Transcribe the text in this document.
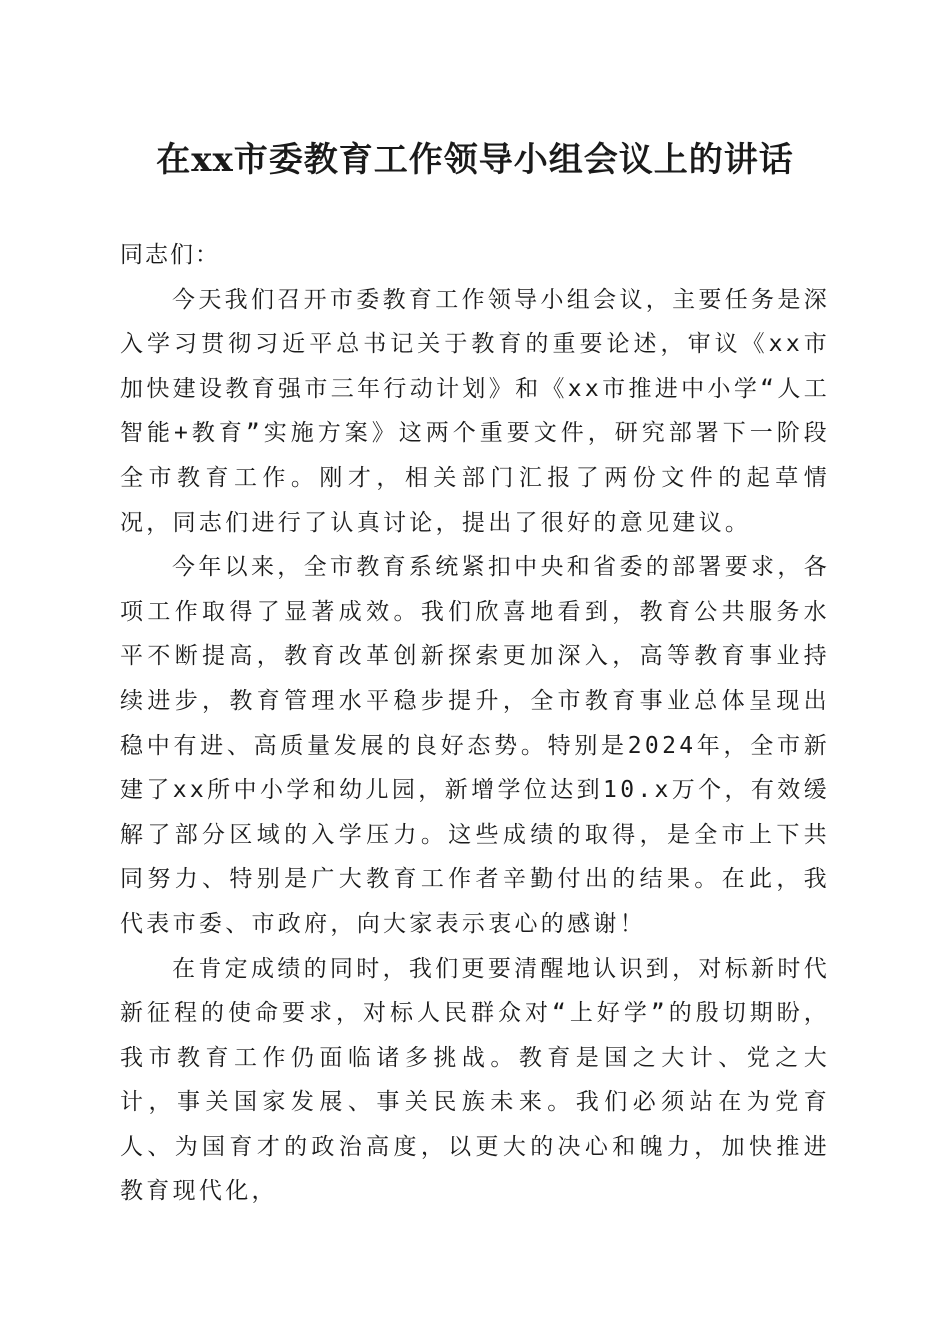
在xx市委教育工作领导小组会议上的讲话

同志们：

今天我们召开市委教育工作领导小组会议，主要任务是深入学习贯彻习近平总书记关于教育的重要论述，审议《xx市加快建设教育强市三年行动计划》和《xx市推进中小学“人工智能+教育”实施方案》这两个重要文件，研究部署下一阶段全市教育工作。刚才，相关部门汇报了两份文件的起草情况，同志们进行了认真讨论，提出了很好的意见建议。

今年以来，全市教育系统紧扣中央和省委的部署要求，各项工作取得了显著成效。我们欣喜地看到，教育公共服务水平不断提高，教育改革创新探索更加深入，高等教育事业持续进步，教育管理水平稳步提升，全市教育事业总体呈现出稳中有进、高质量发展的良好态势。特别是2024年，全市新建了xx所中小学和幼儿园，新增学位达到10.x万个，有效缓解了部分区域的入学压力。这些成绩的取得，是全市上下共同努力、特别是广大教育工作者辛勤付出的结果。在此，我代表市委、市政府，向大家表示衷心的感谢！

在肯定成绩的同时，我们更要清醒地认识到，对标新时代新征程的使命要求，对标人民群众对“上好学”的殷切期盼，我市教育工作仍面临诸多挑战。教育是国之大计、党之大计，事关国家发展、事关民族未来。我们必须站在为党育人、为国育才的政治高度，以更大的决心和魄力，加快推进教育现代化，
